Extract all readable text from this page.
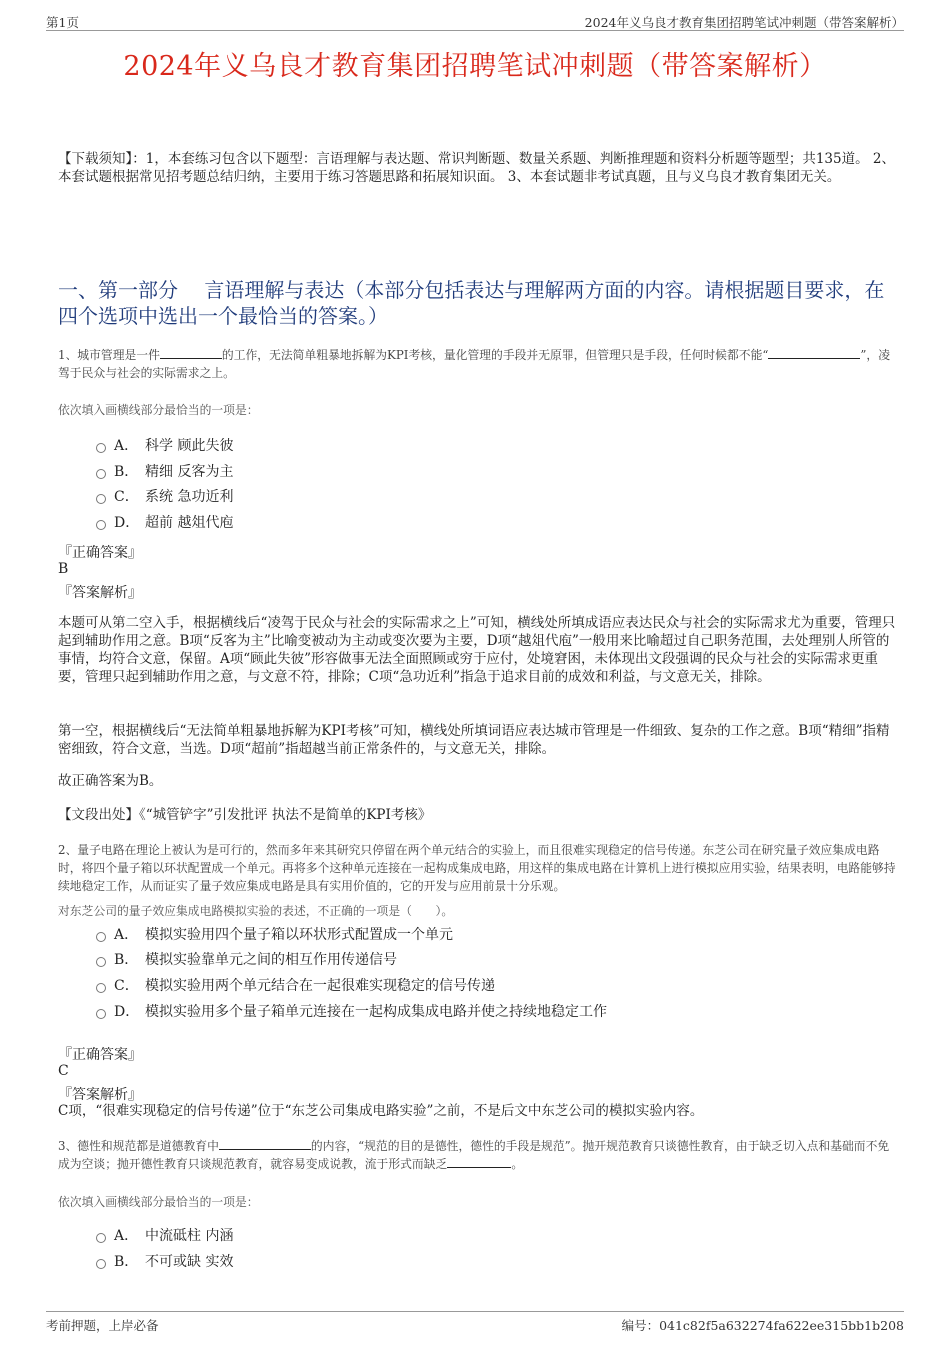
第1页	2024年义乌良才教育集团招聘笔试冲刺题（带答案解析）
2024年义乌良才教育集团招聘笔试冲刺题（带答案解析）
【下载须知】：1，本套练习包含以下题型：言语理解与表达题、常识判断题、数量关系题、判断推理题和资料分析题等题型；共135道。 2、本套试题根据常见招考题总结归纳，主要用于练习答题思路和拓展知识面。 3、本套试题非考试真题，且与义乌良才教育集团无关。
一、第一部分　 言语理解与表达（本部分包括表达与理解两方面的内容。请根据题目要求，在四个选项中选出一个最恰当的答案。）
1、城市管理是一件	的工作，无法简单粗暴地拆解为KPI考核，量化管理的手段并无原罪，但管理只是手段，任何时候都不能“	”，凌驾于民众与社会的实际需求之上。
依次填入画横线部分最恰当的一项是：
A． 科学 顾此失彼
B． 精细 反客为主
C． 系统 急功近利
D． 超前 越俎代庖
『正确答案』
B
『答案解析』
本题可从第二空入手，根据横线后“凌驾于民众与社会的实际需求之上”可知，横线处所填成语应表达民众与社会的实际需求尤为重要，管理只起到辅助作用之意。B项“反客为主”比喻变被动为主动或变次要为主要，D项“越俎代庖”一般用来比喻超过自己职务范围，去处理别人所管的事情，均符合文意，保留。A项“顾此失彼”形容做事无法全面照顾或穷于应付，处境窘困，未体现出文段强调的民众与社会的实际需求更重要，管理只起到辅助作用之意，与文意不符，排除；C项“急功近利”指急于追求目前的成效和利益，与文意无关，排除。
第一空，根据横线后“无法简单粗暴地拆解为KPI考核”可知，横线处所填词语应表达城市管理是一件细致、复杂的工作之意。B项“精细”指精密细致，符合文意，当选。D项“超前”指超越当前正常条件的，与文意无关，排除。
故正确答案为B。
【文段出处】《“城管铲字”引发批评 执法不是简单的KPI考核》
2、量子电路在理论上被认为是可行的，然而多年来其研究只停留在两个单元结合的实验上，而且很难实现稳定的信号传递。东芝公司在研究量子效应集成电路时，将四个量子箱以环状配置成一个单元。再将多个这种单元连接在一起构成集成电路，用这样的集成电路在计算机上进行模拟应用实验，结果表明，电路能够持续地稳定工作，从而证实了量子效应集成电路是具有实用价值的，它的开发与应用前景十分乐观。
对东芝公司的量子效应集成电路模拟实验的表述，不正确的一项是（　　）。
A． 模拟实验用四个量子箱以环状形式配置成一个单元
B． 模拟实验靠单元之间的相互作用传递信号
C． 模拟实验用两个单元结合在一起很难实现稳定的信号传递
D． 模拟实验用多个量子箱单元连接在一起构成集成电路并使之持续地稳定工作
『正确答案』
C
『答案解析』
C项，“很难实现稳定的信号传递”位于“东芝公司集成电路实验”之前，不是后文中东芝公司的模拟实验内容。
3、德性和规范都是道德教育中	的内容，“规范的目的是德性，德性的手段是规范”。抛开规范教育只谈德性教育，由于缺乏切入点和基础而不免成为空谈；抛开德性教育只谈规范教育，就容易变成说教，流于形式而缺乏	。
依次填入画横线部分最恰当的一项是：
A． 中流砥柱 内涵
B． 不可或缺 实效
考前押题，上岸必备	编号：041c82f5a632274fa622ee315bb1b208
